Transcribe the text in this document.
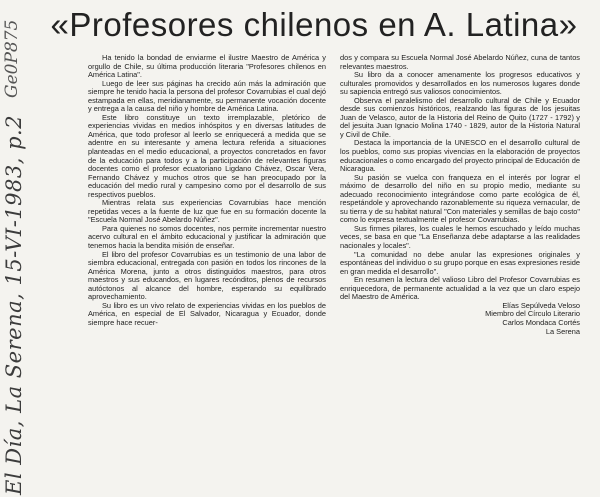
«Profesores chilenos en A. Latina»
El Día, La Serena, 15-VI-1983, p.2
Ge0P875	Ha tenido la bondad de enviarme el ilustre Maestro de América y orgullo de Chile, su última producción literaria "Profesores chilenos en América Latina".

Luego de leer sus páginas ha crecido aún más la admiración que siempre he tenido hacia la persona del profesor Covarrubias el cual dejó estampada en ellas, meridianamente, su permanente vocación docente y entrega a la causa del niño y hombre de América Latina.

Este libro constituye un texto irremplazable, pletórico de experiencias vividas en medios inhóspitos y en diversas latitudes de América, que todo profesor al leerlo se enriquecerá a medida que se adentre en su interesante y amena lectura referida a situaciones planteadas en el medio educacional, a proyectos concretados en favor de la educación para todos y a la participación de relevantes figuras docentes como el profesor ecuatoriano Ligdano Chávez, Oscar Vera, Fernando Chávez y muchos otros que se han preocupado por la educación del medio rural y campesino como por el desarrollo de sus respectivos pueblos.

Mientras relata sus experiencias Covarrubias hace mención repetidas veces a la fuente de luz que fue en su formación docente la "Escuela Normal José Abelardo Núñez".

Para quienes no somos docentes, nos permite incrementar nuestro acervo cultural en el ámbito educacional y justificar la admiración que tenemos hacia la bendita misión de enseñar.

El libro del profesor Covarrubias es un testimonio de una labor de siembra educacional, entregada con pasión en todos los rincones de la América Morena, junto a otros distinguidos maestros, para otros maestros y sus educandos, en lugares recónditos, plenos de recursos autóctonos al alcance del hombre, esperando su equilibrado aprovechamiento.

Su libro es un vivo relato de experiencias vividas en los pueblos de América, en especial de El Salvador, Nicaragua y Ecuador, donde siempre hace recuer-

dos y compara su Escuela Normal José Abelardo Núñez, cuna de tantos relevantes maestros.

Su libro da a conocer amenamente los progresos educativos y culturales promovidos y desarrollados en los numerosos lugares donde su sapiencia entregó sus valiosos conocimientos.

Observa el paralelismo del desarrollo cultural de Chile y Ecuador desde sus comienzos históricos, realzando las figuras de los jesuitas Juan de Velasco, autor de la Historia del Reino de Quito (1727 - 1792) y del jesuita Juan Ignacio Molina 1740 - 1829, autor de la Historia Natural y Civil de Chile.

Destaca la importancia de la UNESCO en el desarrollo cultural de los pueblos, como sus propias vivencias en la elaboración de proyectos educacionales o como encargado del proyecto principal de Educación de Nicaragua.

Su pasión se vuelca con franqueza en el interés por lograr el máximo de desarrollo del niño en su propio medio, mediante su adecuado reconocimiento integrándose como parte ecológica de él, respetándole y aprovechando razonablemente su riqueza vernacular, de su tierra y de su habitat natural "Con materiales y semillas de bajo costo" como lo expresa textualmente el profesor Covarrubias.

Sus firmes pilares, los cuales le hemos escuchado y leído muchas veces, se basa en que "La Enseñanza debe adaptarse a las realidades nacionales y locales".

"La comunidad no debe anular las expresiones originales y espontáneas del individuo o su grupo porque en esas expresiones reside en gran medida el desarrollo".

En resumen la lectura del valioso Libro del Profesor Covarrubias es enriquecedora, de permanente actualidad a la vez que un claro espejo del Maestro de América.

Elías Sepúlveda Veloso
Miembro del Círculo Literario
Carlos Mondaca Cortés
La Serena
